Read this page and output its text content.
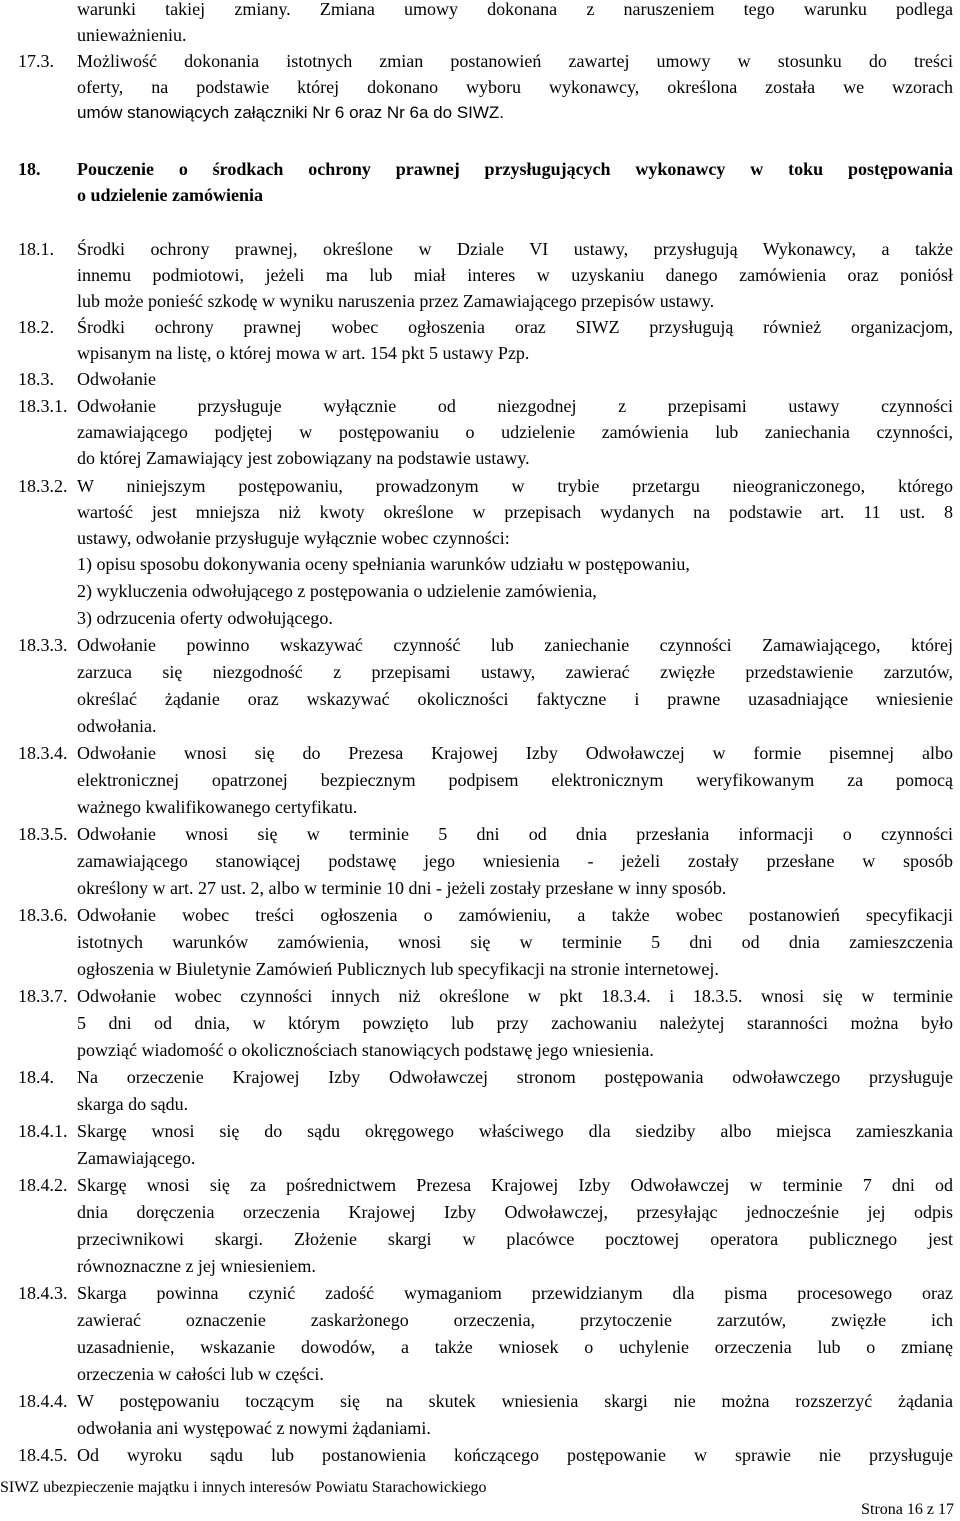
warunki takiej zmiany. Zmiana umowy dokonana z naruszeniem tego warunku podlega
unieważnieniu.
17.3. Możliwość dokonania istotnych zmian postanowień zawartej umowy w stosunku do treści
oferty, na podstawie której dokonano wyboru wykonawcy, określona została we wzorach
umów stanowiących załączniki Nr 6 oraz Nr 6a do SIWZ.
18. Pouczenie o środkach ochrony prawnej przysługujących wykonawcy w toku postępowania
o udzielenie zamówienia
18.1. Środki ochrony prawnej, określone w Dziale VI ustawy, przysługują Wykonawcy, a także
innemu podmiotowi, jeżeli ma lub miał interes w uzyskaniu danego zamówienia oraz poniósł
lub może ponieść szkodę w wyniku naruszenia przez Zamawiającego przepisów ustawy.
18.2. Środki ochrony prawnej wobec ogłoszenia oraz SIWZ przysługują również organizacjom,
wpisanym na listę, o której mowa w art. 154 pkt 5 ustawy Pzp.
18.3. Odwołanie
18.3.1. Odwołanie przysługuje wyłącznie od niezgodnej z przepisami ustawy czynności
zamawiającego podjętej w postępowaniu o udzielenie zamówienia lub zaniechania czynności,
do której Zamawiający jest zobowiązany na podstawie ustawy.
18.3.2. W niniejszym postępowaniu, prowadzonym w trybie przetargu nieograniczonego, którego
wartość jest mniejsza niż kwoty określone w przepisach wydanych na podstawie art. 11 ust. 8
ustawy, odwołanie przysługuje wyłącznie wobec czynności:
1) opisu sposobu dokonywania oceny spełniania warunków udziału w postępowaniu,
2) wykluczenia odwołującego z postępowania o udzielenie zamówienia,
3) odrzucenia oferty odwołującego.
18.3.3. Odwołanie powinno wskazywać czynność lub zaniechanie czynności Zamawiającego, której
zarzuca się niezgodność z przepisami ustawy, zawierać zwięzłe przedstawienie zarzutów,
określać żądanie oraz wskazywać okoliczności faktyczne i prawne uzasadniające wniesienie
odwołania.
18.3.4. Odwołanie wnosi się do Prezesa Krajowej Izby Odwoławczej w formie pisemnej albo
elektronicznej opatrzonej bezpiecznym podpisem elektronicznym weryfikowanym za pomocą
ważnego kwalifikowanego certyfikatu.
18.3.5. Odwołanie wnosi się w terminie 5 dni od dnia przesłania informacji o czynności
zamawiającego stanowiącej podstawę jego wniesienia - jeżeli zostały przesłane w sposób
określony w art. 27 ust. 2, albo w terminie 10 dni - jeżeli zostały przesłane w inny sposób.
18.3.6. Odwołanie wobec treści ogłoszenia o zamówieniu, a także wobec postanowień specyfikacji
istotnych warunków zamówienia, wnosi się w terminie 5 dni od dnia zamieszczenia
ogłoszenia w Biuletynie Zamówień Publicznych lub specyfikacji na stronie internetowej.
18.3.7. Odwołanie wobec czynności innych niż określone w pkt 18.3.4. i 18.3.5. wnosi się w terminie
5 dni od dnia, w którym powzięto lub przy zachowaniu należytej staranności można było
powziąć wiadomość o okolicznościach stanowiących podstawę jego wniesienia.
18.4. Na orzeczenie Krajowej Izby Odwoławczej stronom postępowania odwoławczego przysługuje
skarga do sądu.
18.4.1. Skargę wnosi się do sądu okręgowego właściwego dla siedziby albo miejsca zamieszkania
Zamawiającego.
18.4.2. Skargę wnosi się za pośrednictwem Prezesa Krajowej Izby Odwoławczej w terminie 7 dni od
dnia doręczenia orzeczenia Krajowej Izby Odwoławczej, przesyłając jednocześnie jej odpis
przeciwnikowi skargi. Złożenie skargi w placówce pocztowej operatora publicznego jest
równoznaczne z jej wniesieniem.
18.4.3. Skarga powinna czynić zadość wymaganiom przewidzianym dla pisma procesowego oraz
zawierać oznaczenie zaskarżonego orzeczenia, przytoczenie zarzutów, zwięzłe ich
uzasadnienie, wskazanie dowodów, a także wniosek o uchylenie orzeczenia lub o zmianę
orzeczenia w całości lub w części.
18.4.4. W postępowaniu toczącym się na skutek wniesienia skargi nie można rozszerzyć żądania
odwołania ani występować z nowymi żądaniami.
18.4.5. Od wyroku sądu lub postanowienia kończącego postępowanie w sprawie nie przysługuje
SIWZ ubezpieczenie majątku i innych interesów Powiatu Starachowickiego
Strona 16 z 17
